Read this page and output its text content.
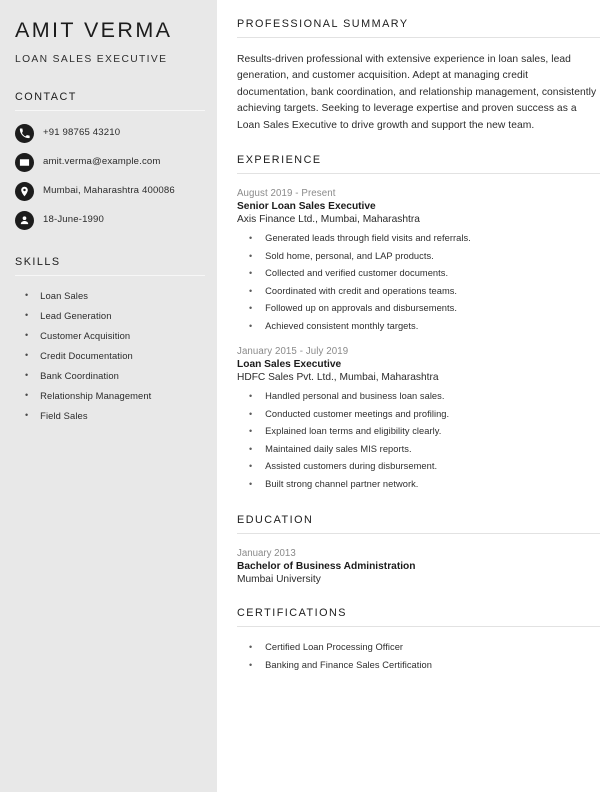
AMIT VERMA
LOAN SALES EXECUTIVE
CONTACT
+91 98765 43210
amit.verma@example.com
Mumbai, Maharashtra 400086
18-June-1990
SKILLS
• Loan Sales
• Lead Generation
• Customer Acquisition
• Credit Documentation
• Bank Coordination
• Relationship Management
• Field Sales
PROFESSIONAL SUMMARY

Results-driven professional with extensive experience in loan sales, lead generation, and customer acquisition. Adept at managing credit documentation, bank coordination, and relationship management, consistently achieving targets. Seeking to leverage expertise and proven success as a Loan Sales Executive to drive growth and support the new team.

EXPERIENCE
August 2019 - Present
Senior Loan Sales Executive
Axis Finance Ltd., Mumbai, Maharashtra
• Generated leads through field visits and referrals.
• Sold home, personal, and LAP products.
• Collected and verified customer documents.
• Coordinated with credit and operations teams.
• Followed up on approvals and disbursements.
• Achieved consistent monthly targets.
January 2015 - July 2019
Loan Sales Executive
HDFC Sales Pvt. Ltd., Mumbai, Maharashtra
• Handled personal and business loan sales.
• Conducted customer meetings and profiling.
• Explained loan terms and eligibility clearly.
• Maintained daily sales MIS reports.
• Assisted customers during disbursement.
• Built strong channel partner network.
EDUCATION
January 2013
Bachelor of Business Administration
Mumbai University
CERTIFICATIONS
• Certified Loan Processing Officer
• Banking and Finance Sales Certification
